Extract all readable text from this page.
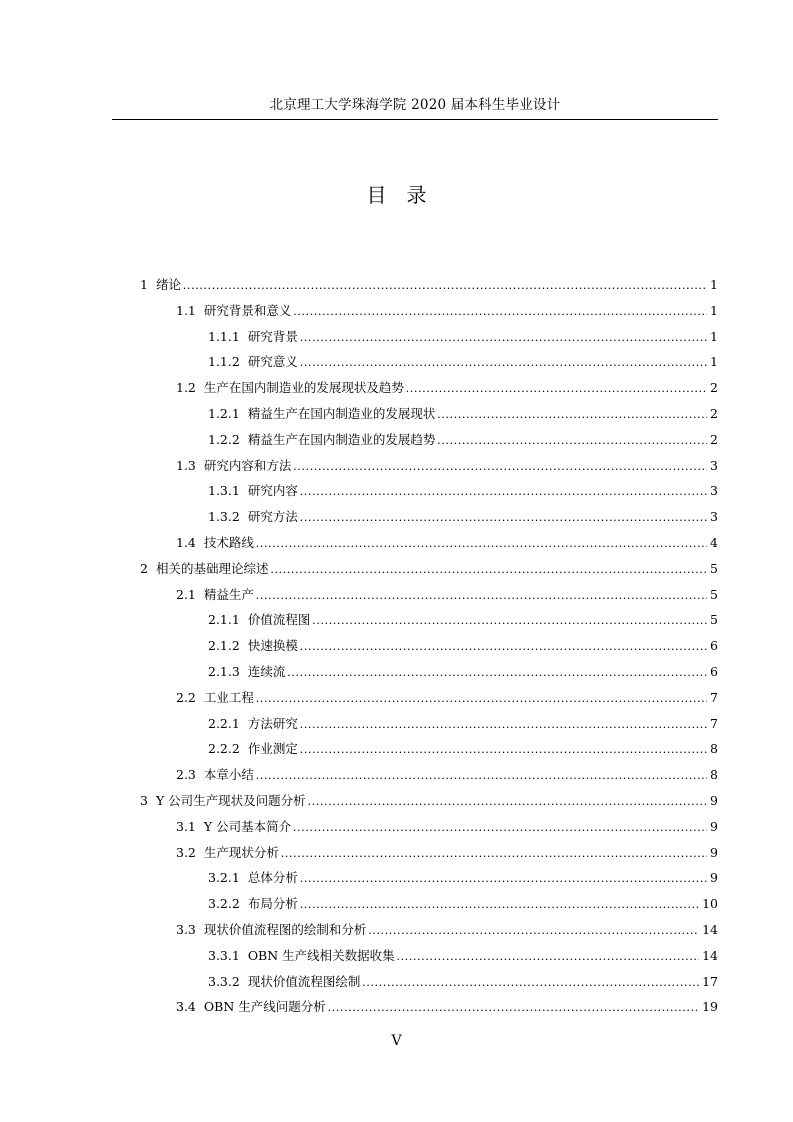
北京理工大学珠海学院 2020 届本科生毕业设计
目录
1 绪论 .....	1
1.1 研究背景和意义 .....	1
1.1.1 研究背景 .....	1
1.1.2 研究意义 .....	1
1.2 生产在国内制造业的发展现状及趋势 .....	2
1.2.1 精益生产在国内制造业的发展现状 .....	2
1.2.2 精益生产在国内制造业的发展趋势 .....	2
1.3 研究内容和方法 .....	3
1.3.1 研究内容 .....	3
1.3.2 研究方法 .....	3
1.4 技术路线 .....	4
2 相关的基础理论综述 .....	5
2.1 精益生产 .....	5
2.1.1 价值流程图 .....	5
2.1.2 快速换模 .....	6
2.1.3 连续流 .....	6
2.2 工业工程 .....	7
2.2.1 方法研究 .....	7
2.2.2 作业测定 .....	8
2.3 本章小结 .....	8
3 Y 公司生产现状及问题分析 .....	9
3.1 Y 公司基本简介 .....	9
3.2 生产现状分析 .....	9
3.2.1 总体分析 .....	9
3.2.2 布局分析 .....	10
3.3 现状价值流程图的绘制和分析 .....	14
3.3.1 OBN 生产线相关数据收集 .....	14
3.3.2 现状价值流程图绘制 .....	17
3.4 OBN 生产线问题分析 .....	19
V
